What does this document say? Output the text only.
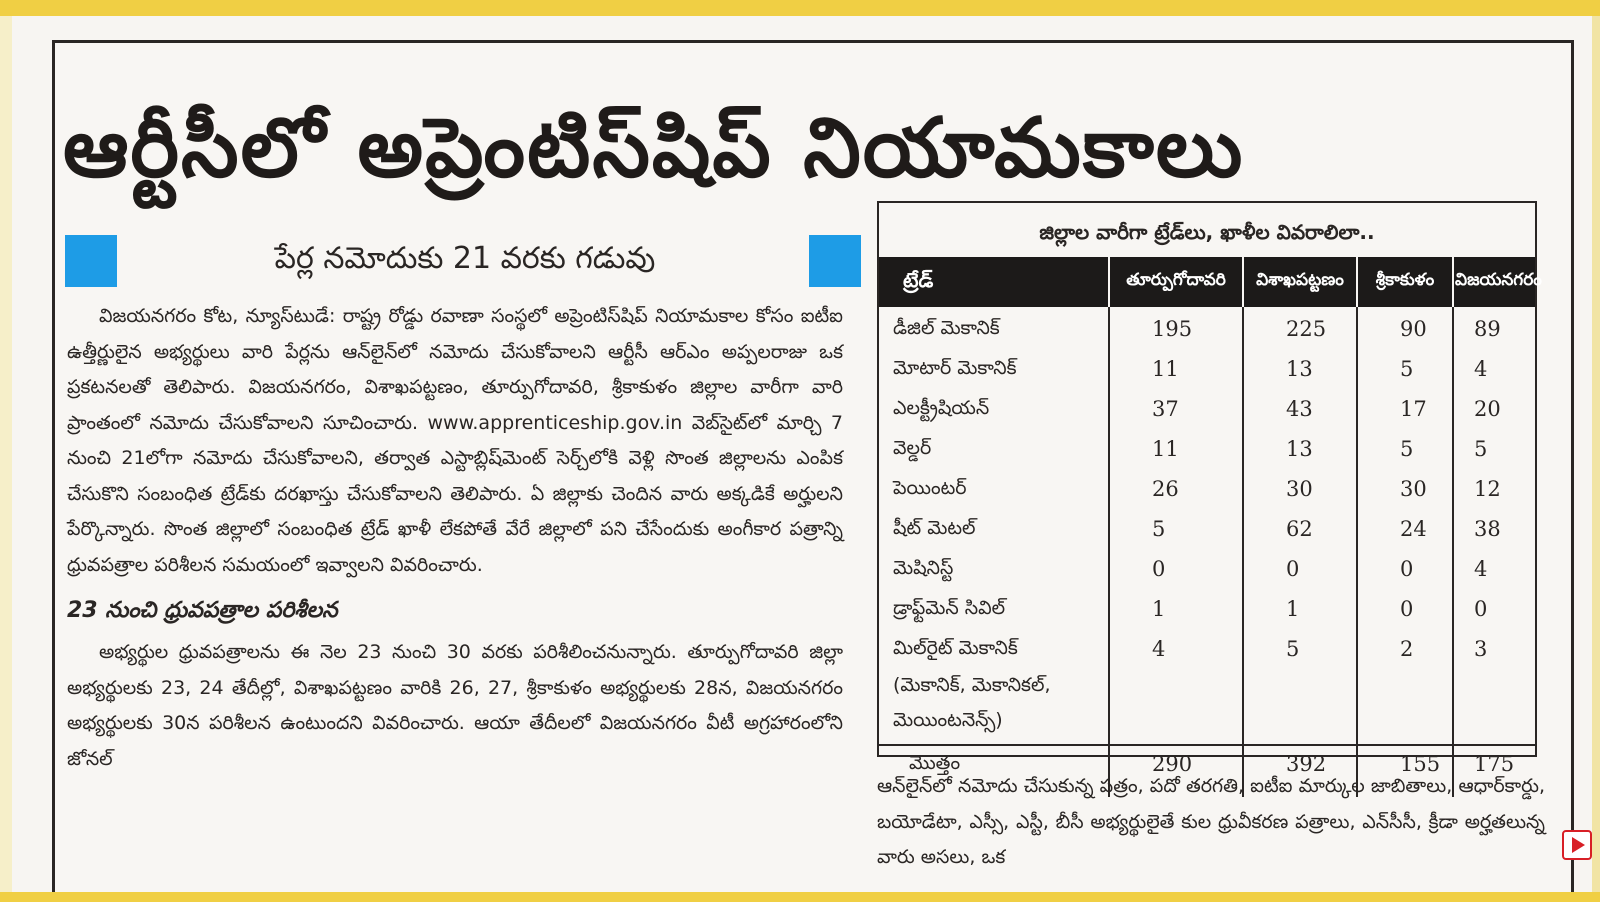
ఆర్టీసీలో అప్రెంటిస్‌షిప్ నియామకాలు
పేర్ల నమోదుకు 21 వరకు గడువు

విజయనగరం కోట, న్యూస్‌టుడే: రాష్ట్ర రోడ్డు రవాణా సంస్థలో అప్రెంటిస్‌షిప్ నియామకాల కోసం ఐటీఐ ఉత్తీర్ణులైన అభ్యర్థులు వారి పేర్లను ఆన్‌లైన్‌లో నమోదు చేసుకోవాలని ఆర్టీసీ ఆర్‌ఎం అప్పలరాజు ఒక ప్రకటనలతో తెలిపారు. విజయనగరం, విశాఖపట్టణం, తూర్పుగోదావరి, శ్రీకాకుళం జిల్లాల వారీగా వారి ప్రాంతంలో నమోదు చేసుకోవాలని సూచించారు. www.apprenticeship.gov.in వెబ్‌సైట్‌లో మార్చి 7 నుంచి 21లోగా నమోదు చేసుకోవాలని, తర్వాత ఎస్టాబ్లిష్‌మెంట్ సెర్చ్‌లోకి వెళ్లి సొంత జిల్లాలను ఎంపిక చేసుకొని సంబంధిత ట్రేడ్‌కు దరఖాస్తు చేసుకోవాలని తెలిపారు. ఏ జిల్లాకు చెందిన వారు అక్కడికే అర్హులని పేర్కొన్నారు. సొంత జిల్లాలో సంబంధిత ట్రేడ్ ఖాళీ లేకపోతే వేరే జిల్లాలో పని చేసేందుకు అంగీకార పత్రాన్ని ధ్రువపత్రాల పరిశీలన సమయంలో ఇవ్వాలని వివరించారు.

23 నుంచి ధ్రువపత్రాల పరిశీలన

అభ్యర్థుల ధ్రువపత్రాలను ఈ నెల 23 నుంచి 30 వరకు పరిశీలించనున్నారు. తూర్పుగోదావరి జిల్లా అభ్యర్థులకు 23, 24 తేదీల్లో, విశాఖపట్టణం వారికి 26, 27, శ్రీకాకుళం అభ్యర్థులకు 28న, విజయనగరం అభ్యర్థులకు 30న పరిశీలన ఉంటుందని వివరించారు. ఆయా తేదీలలో విజయనగరం వీటీ అగ్రహారంలోని జోనల్

జిల్లాల వారీగా ట్రేడ్‌లు, ఖాళీల వివరాలిలా..
ట్రేడ్	తూర్పుగోదావరి	విశాఖపట్టణం	శ్రీకాకుళం	విజయనగరం
డీజిల్ మెకానిక్	195	225	90	89
మోటార్ మెకానిక్	11	13	5	4
ఎలక్ట్రీషియన్	37	43	17	20
వెల్డర్	11	13	5	5
పెయింటర్	26	30	30	12
షీట్ మెటల్	5	62	24	38
మెషినిస్ట్	0	0	0	4
డ్రాఫ్ట్‌మెన్ సివిల్	1	1	0	0
మిల్‌రైట్ మెకానిక్	4	5	2	3
(మెకానిక్, మెకానికల్,				
మెయింటనెన్స్)				
మొత్తం	290	392	155	175

ఆన్‌లైన్‌లో నమోదు చేసుకున్న పత్రం, పదో తరగతి, ఐటీఐ మార్కుల జాబితాలు, ఆధార్‌కార్డు, బయోడేటా, ఎస్సీ, ఎస్టీ, బీసీ అభ్యర్థులైతే కుల ధ్రువీకరణ పత్రాలు, ఎన్‌సీసీ, క్రీడా అర్హతలున్న వారు అసలు, ఒక
